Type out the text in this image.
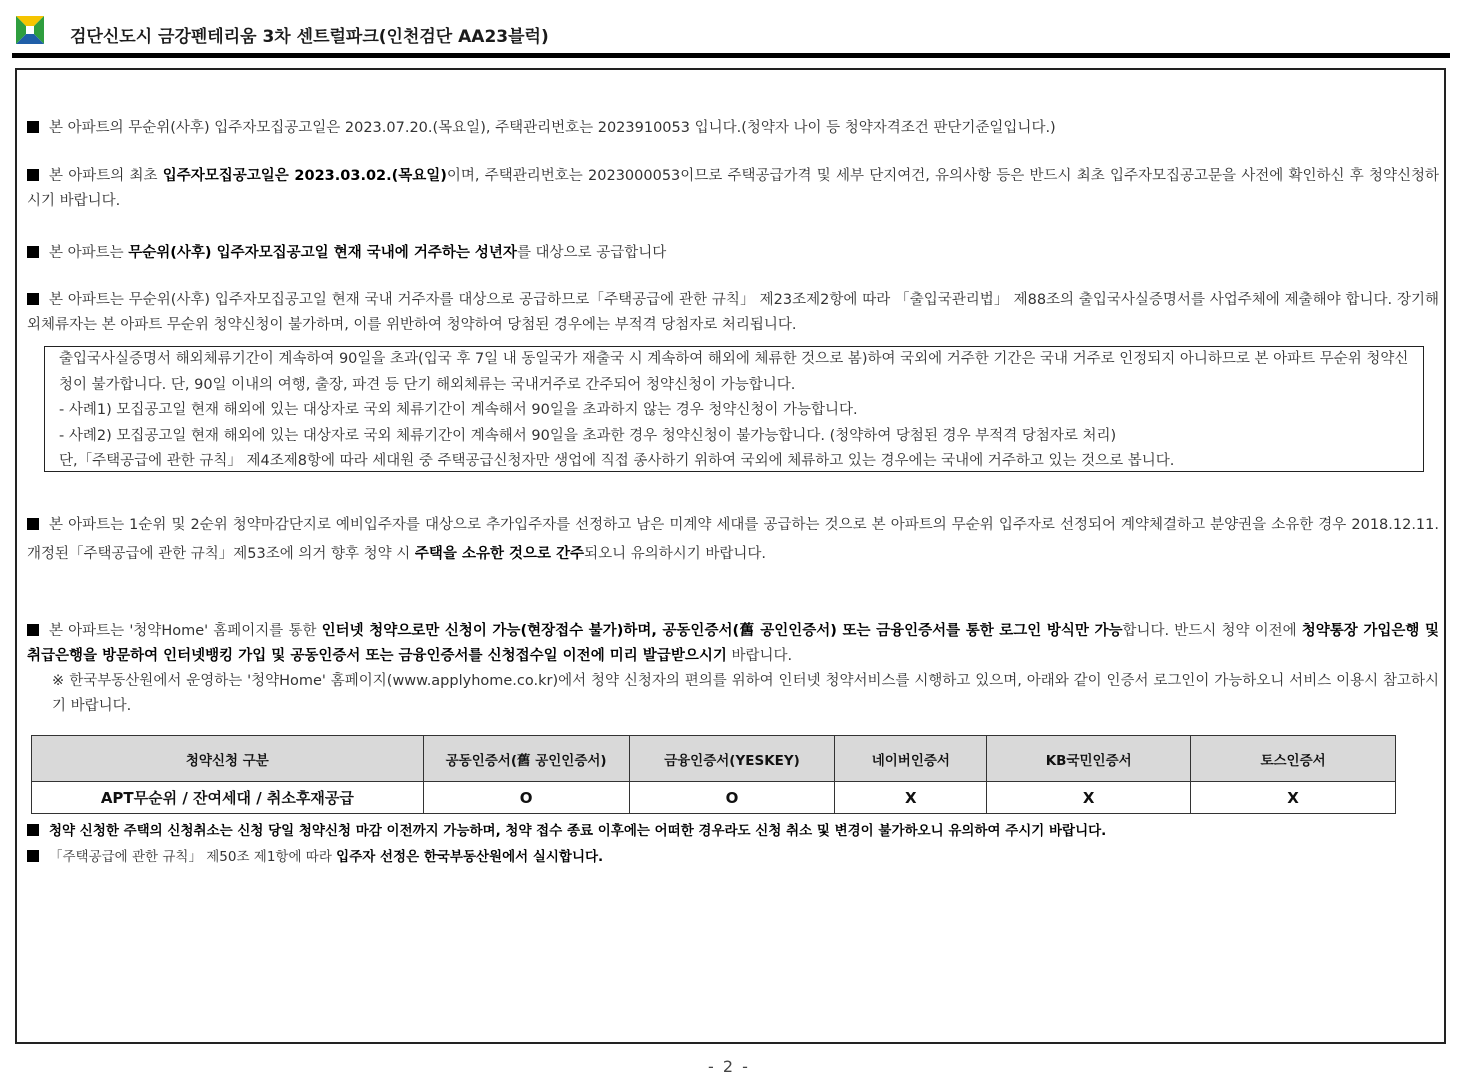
검단신도시 금강펜테리움 3차 센트럴파크(인천검단 AA23블럭)
본 아파트의 무순위(사후) 입주자모집공고일은 2023.07.20.(목요일), 주택관리번호는 2023910053 입니다.(청약자 나이 등 청약자격조건 판단기준일입니다.)
본 아파트의 최초 입주자모집공고일은 2023.03.02.(목요일)이며, 주택관리번호는 2023000053이므로 주택공급가격 및 세부 단지여건, 유의사항 등은 반드시 최초 입주자모집공고문을 사전에 확인하신 후 청약신청하시기 바랍니다.
본 아파트는 무순위(사후) 입주자모집공고일 현재 국내에 거주하는 성년자를 대상으로 공급합니다
본 아파트는 무순위(사후) 입주자모집공고일 현재 국내 거주자를 대상으로 공급하므로「주택공급에 관한 규칙」 제23조제2항에 따라 「출입국관리법」 제88조의 출입국사실증명서를 사업주체에 제출해야 합니다. 장기해외체류자는 본 아파트 무순위 청약신청이 불가하며, 이를 위반하여 청약하여 당첨된 경우에는 부적격 당첨자로 처리됩니다.

출입국사실증명서 해외체류기간이 계속하여 90일을 초과(입국 후 7일 내 동일국가 재출국 시 계속하여 해외에 체류한 것으로 봄)하여 국외에 거주한 기간은 국내 거주로 인정되지 아니하므로 본 아파트 무순위 청약신청이 불가합니다. 단, 90일 이내의 여행, 출장, 파견 등 단기 해외체류는 국내거주로 간주되어 청약신청이 가능합니다.

- 사례1) 모집공고일 현재 해외에 있는 대상자로 국외 체류기간이 계속해서 90일을 초과하지 않는 경우 청약신청이 가능합니다.

- 사례2) 모집공고일 현재 해외에 있는 대상자로 국외 체류기간이 계속해서 90일을 초과한 경우 청약신청이 불가능합니다. (청약하여 당첨된 경우 부적격 당첨자로 처리)

단,「주택공급에 관한 규칙」 제4조제8항에 따라 세대원 중 주택공급신청자만 생업에 직접 종사하기 위하여 국외에 체류하고 있는 경우에는 국내에 거주하고 있는 것으로 봅니다.

본 아파트는 1순위 및 2순위 청약마감단지로 예비입주자를 대상으로 추가입주자를 선정하고 남은 미계약 세대를 공급하는 것으로 본 아파트의 무순위 입주자로 선정되어 계약체결하고 분양권을 소유한 경우 2018.12.11. 개정된「주택공급에 관한 규칙」제53조에 의거 향후 청약 시 주택을 소유한 것으로 간주되오니 유의하시기 바랍니다.
본 아파트는 '청약Home' 홈페이지를 통한 인터넷 청약으로만 신청이 가능(현장접수 불가)하며, 공동인증서(舊 공인인증서) 또는 금융인증서를 통한 로그인 방식만 가능합니다. 반드시 청약 이전에 청약통장 가입은행 및 취급은행을 방문하여 인터넷뱅킹 가입 및 공동인증서 또는 금융인증서를 신청접수일 이전에 미리 발급받으시기 바랍니다.
※ 한국부동산원에서 운영하는 '청약Home' 홈페이지(www.applyhome.co.kr)에서 청약 신청자의 편의를 위하여 인터넷 청약서비스를 시행하고 있으며, 아래와 같이 인증서 로그인이 가능하오니 서비스 이용시 참고하시기 바랍니다.
청약신청 구분	공동인증서(舊 공인인증서)	금융인증서(YESKEY)	네이버인증서	KB국민인증서	토스인증서
APT무순위 / 잔여세대 / 취소후재공급	O	O	X	X	X
청약 신청한 주택의 신청취소는 신청 당일 청약신청 마감 이전까지 가능하며, 청약 접수 종료 이후에는 어떠한 경우라도 신청 취소 및 변경이 불가하오니 유의하여 주시기 바랍니다.
「주택공급에 관한 규칙」 제50조 제1항에 따라 입주자 선정은 한국부동산원에서 실시합니다.
- 2 -
